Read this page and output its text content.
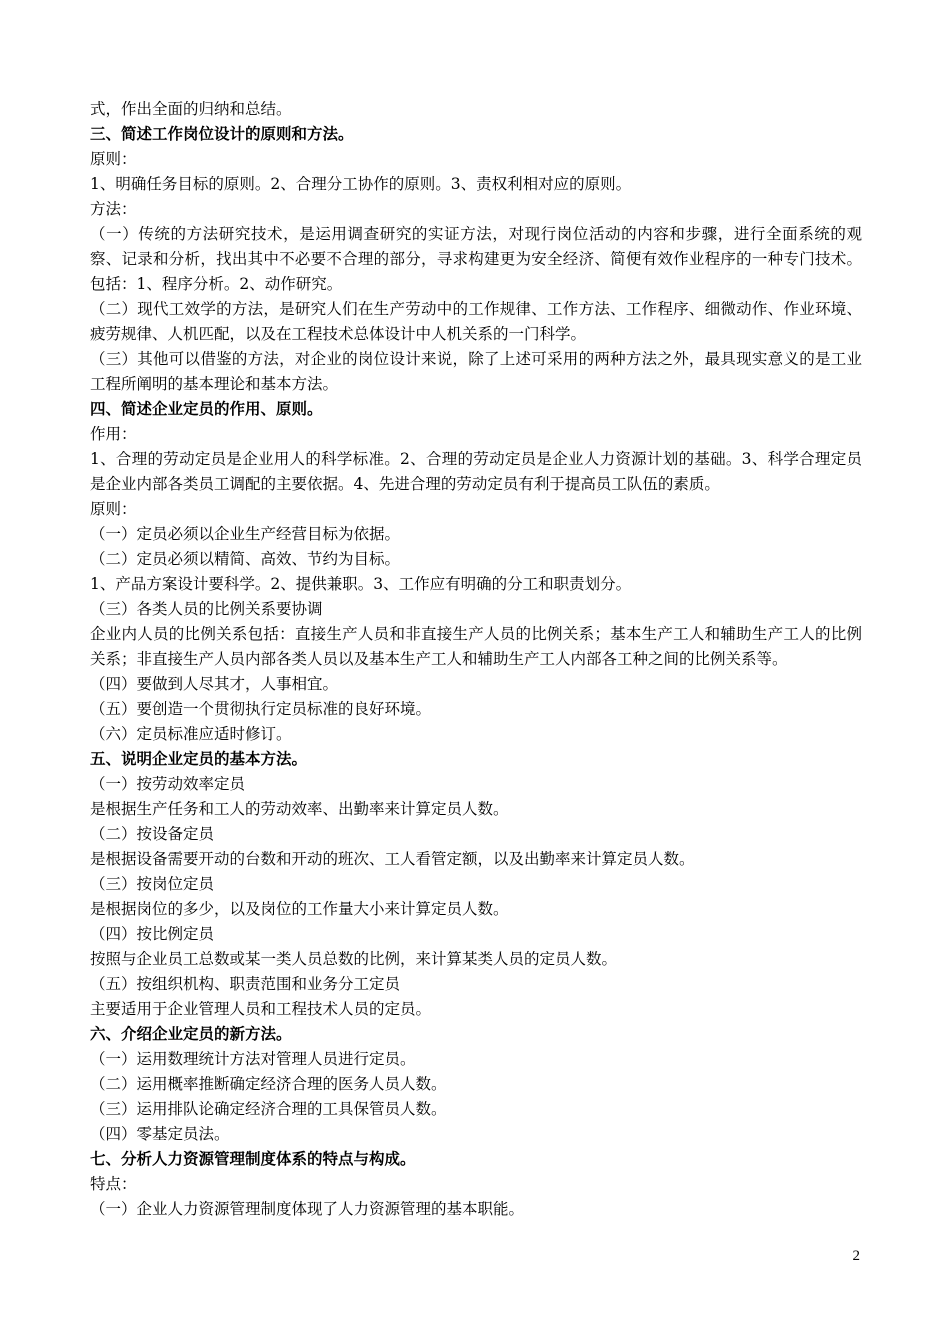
式，作出全面的归纳和总结。

三、简述工作岗位设计的原则和方法。

原则：

1、明确任务目标的原则。2、合理分工协作的原则。3、责权利相对应的原则。

方法：

（一）传统的方法研究技术，是运用调查研究的实证方法，对现行岗位活动的内容和步骤，进行全面系统的观察、记录和分析，找出其中不必要不合理的部分，寻求构建更为安全经济、简便有效作业程序的一种专门技术。包括：1、程序分析。2、动作研究。

（二）现代工效学的方法，是研究人们在生产劳动中的工作规律、工作方法、工作程序、细微动作、作业环境、疲劳规律、人机匹配，以及在工程技术总体设计中人机关系的一门科学。

（三）其他可以借鉴的方法，对企业的岗位设计来说，除了上述可采用的两种方法之外，最具现实意义的是工业工程所阐明的基本理论和基本方法。

四、简述企业定员的作用、原则。

作用：

1、合理的劳动定员是企业用人的科学标准。2、合理的劳动定员是企业人力资源计划的基础。3、科学合理定员是企业内部各类员工调配的主要依据。4、先进合理的劳动定员有利于提高员工队伍的素质。

原则：

（一）定员必须以企业生产经营目标为依据。

（二）定员必须以精简、高效、节约为目标。

1、产品方案设计要科学。2、提供兼职。3、工作应有明确的分工和职责划分。

（三）各类人员的比例关系要协调

企业内人员的比例关系包括：直接生产人员和非直接生产人员的比例关系；基本生产工人和辅助生产工人的比例关系；非直接生产人员内部各类人员以及基本生产工人和辅助生产工人内部各工种之间的比例关系等。

（四）要做到人尽其才，人事相宜。

（五）要创造一个贯彻执行定员标准的良好环境。

（六）定员标准应适时修订。

五、说明企业定员的基本方法。

（一）按劳动效率定员

是根据生产任务和工人的劳动效率、出勤率来计算定员人数。

（二）按设备定员

是根据设备需要开动的台数和开动的班次、工人看管定额，以及出勤率来计算定员人数。

（三）按岗位定员

是根据岗位的多少，以及岗位的工作量大小来计算定员人数。

（四）按比例定员

按照与企业员工总数或某一类人员总数的比例，来计算某类人员的定员人数。

（五）按组织机构、职责范围和业务分工定员

主要适用于企业管理人员和工程技术人员的定员。

六、介绍企业定员的新方法。

（一）运用数理统计方法对管理人员进行定员。

（二）运用概率推断确定经济合理的医务人员人数。

（三）运用排队论确定经济合理的工具保管员人数。

（四）零基定员法。

七、分析人力资源管理制度体系的特点与构成。

特点：

（一）企业人力资源管理制度体现了人力资源管理的基本职能。

2
